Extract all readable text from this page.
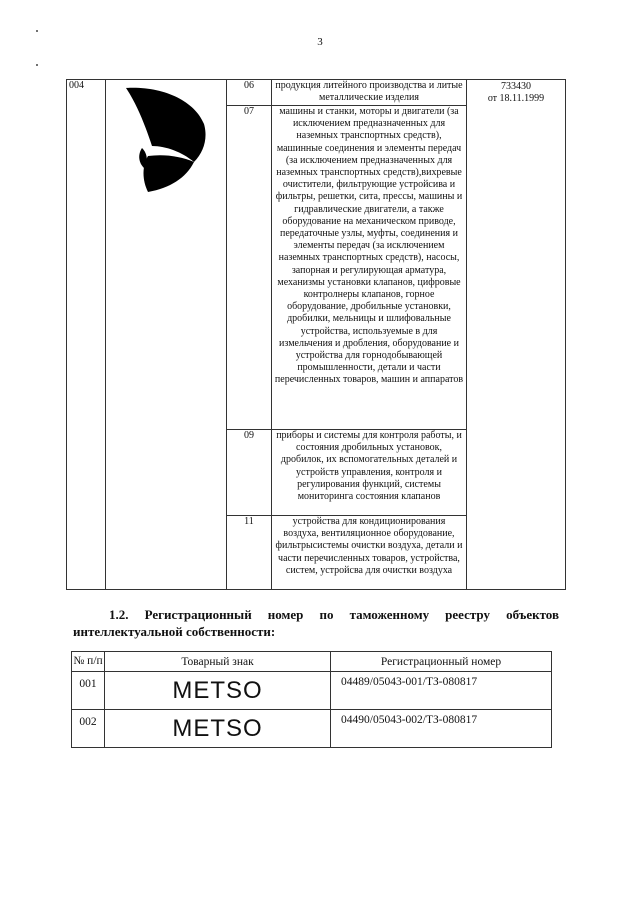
3
004		06	продукция литейного производства и литые металлические изделия	733430
от 18.11.1999

		07	машины и станки, моторы и двигатели (за исключением предназначенных для наземных транспортных средств), машинные соединения и элементы передач (за исключением предназначенных для наземных транспортных средств),вихревые очистители, фильтрующие устройсива и фильтры, решетки, сита, прессы, машины и гидравлические двигатели, а также оборудование на механическом приводе, передаточные узлы, муфты, соединения и элементы передач (за исключением наземных транспортных средств), насосы, запорная и регулирующая арматура, механизмы установки клапанов, цифровые контролнеры клапанов, горное оборудование, дробильные установки, дробилки, мельницы и шлифовальные устройства, используемые в для измельчения и дробления, оборудование и устройства для горнодобывающей промышленности, детали и части перечисленных товаров, машин и аппаратов	
		09	приборы и системы для контроля работы, и состояния дробильных установок, дробилок, их вспомогательных деталей и устройств управления, контроля и регулирования функций, системы мониторинга состояния клапанов	
		11	устройства для кондиционирования воздуха, вентиляционное оборудование, фильтрысистемы очистки воздуха, детали и части перечисленных товаров, устройства, систем, устройсва для очистки воздуха	
1.2. Регистрационный номер по таможенному реестру объектов интеллектуальной собственности:
№ п/п	Товарный знак	Регистрационный номер
001	METSO	04489/05043-001/ТЗ-080817
002	METSO	04490/05043-002/ТЗ-080817
